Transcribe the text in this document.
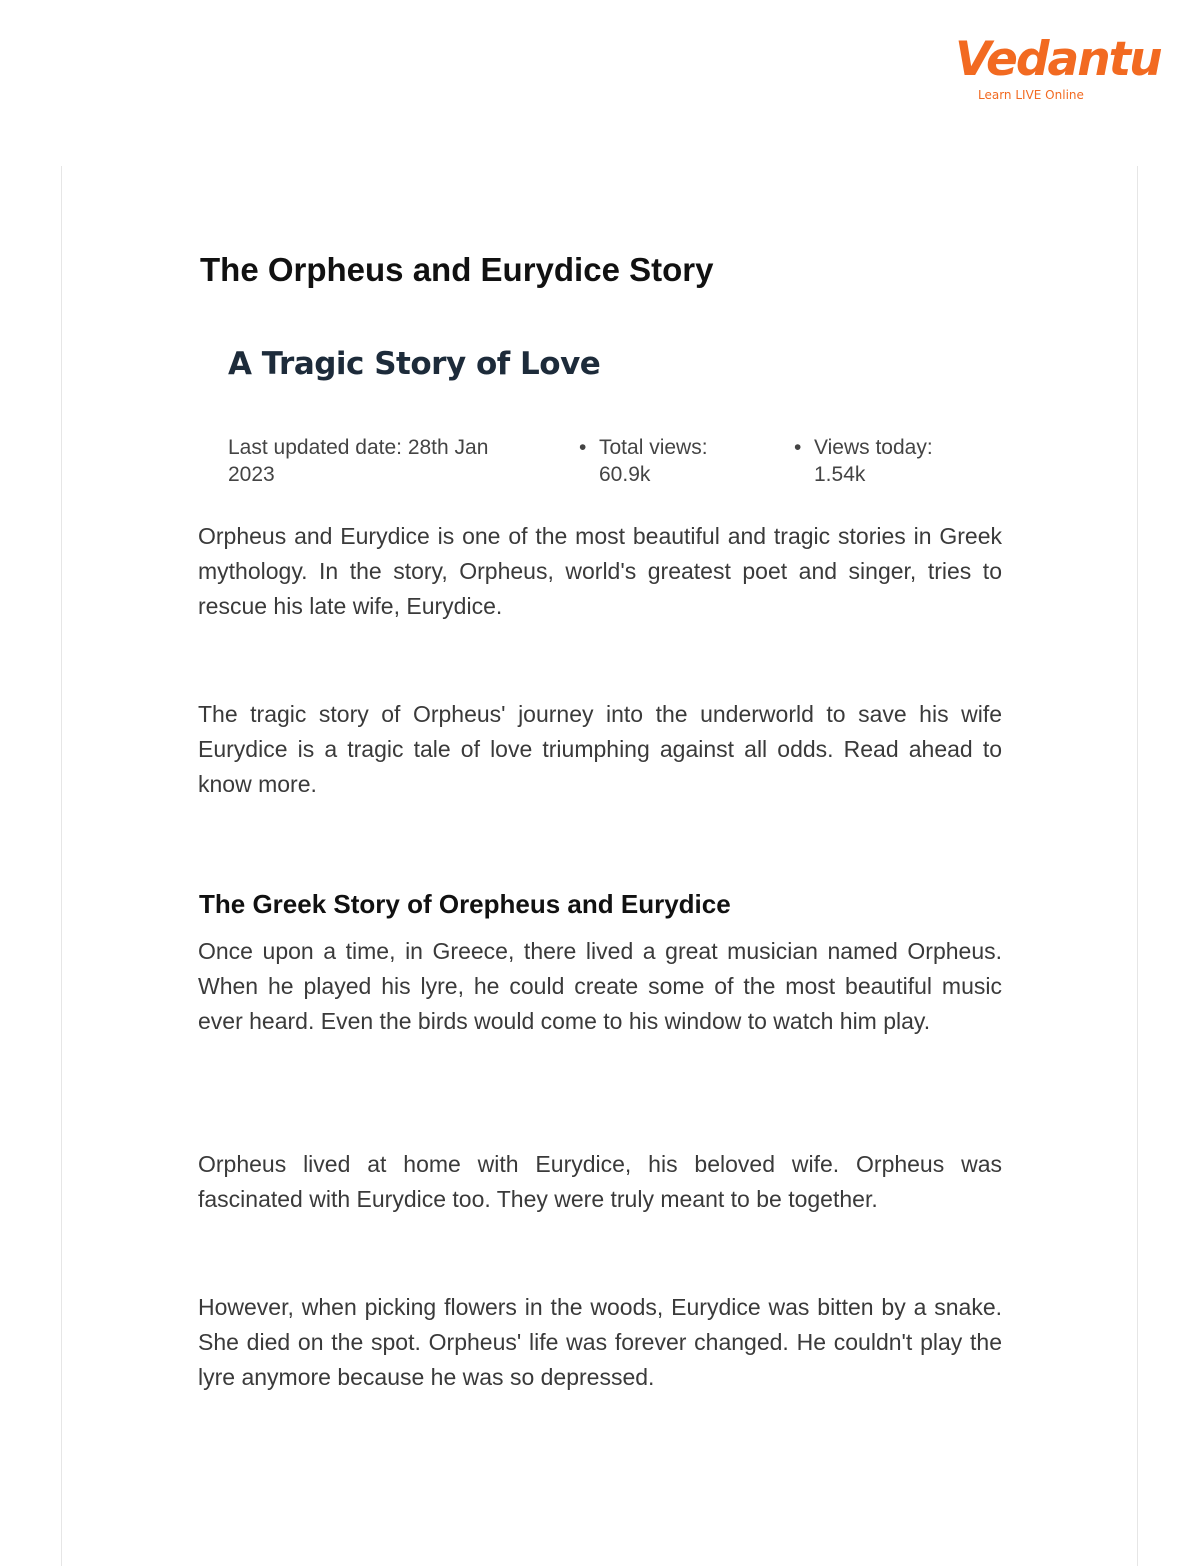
Vedantu
Learn LIVE Online
The Orpheus and Eurydice Story
A Tragic Story of Love
Last updated date: 28th Jan 2023
• Total views: 60.9k
• Views today: 1.54k

Orpheus and Eurydice is one of the most beautiful and tragic stories in Greek mythology. In the story, Orpheus, world's greatest poet and singer, tries to rescue his late wife, Eurydice.

The tragic story of Orpheus' journey into the underworld to save his wife Eurydice is a tragic tale of love triumphing against all odds. Read ahead to know more.

The Greek Story of Orepheus and Eurydice

Once upon a time, in Greece, there lived a great musician named Orpheus. When he played his lyre, he could create some of the most beautiful music ever heard. Even the birds would come to his window to watch him play.

Orpheus lived at home with Eurydice, his beloved wife. Orpheus was fascinated with Eurydice too. They were truly meant to be together.

However, when picking flowers in the woods, Eurydice was bitten by a snake. She died on the spot. Orpheus' life was forever changed. He couldn't play the lyre anymore because he was so depressed.
